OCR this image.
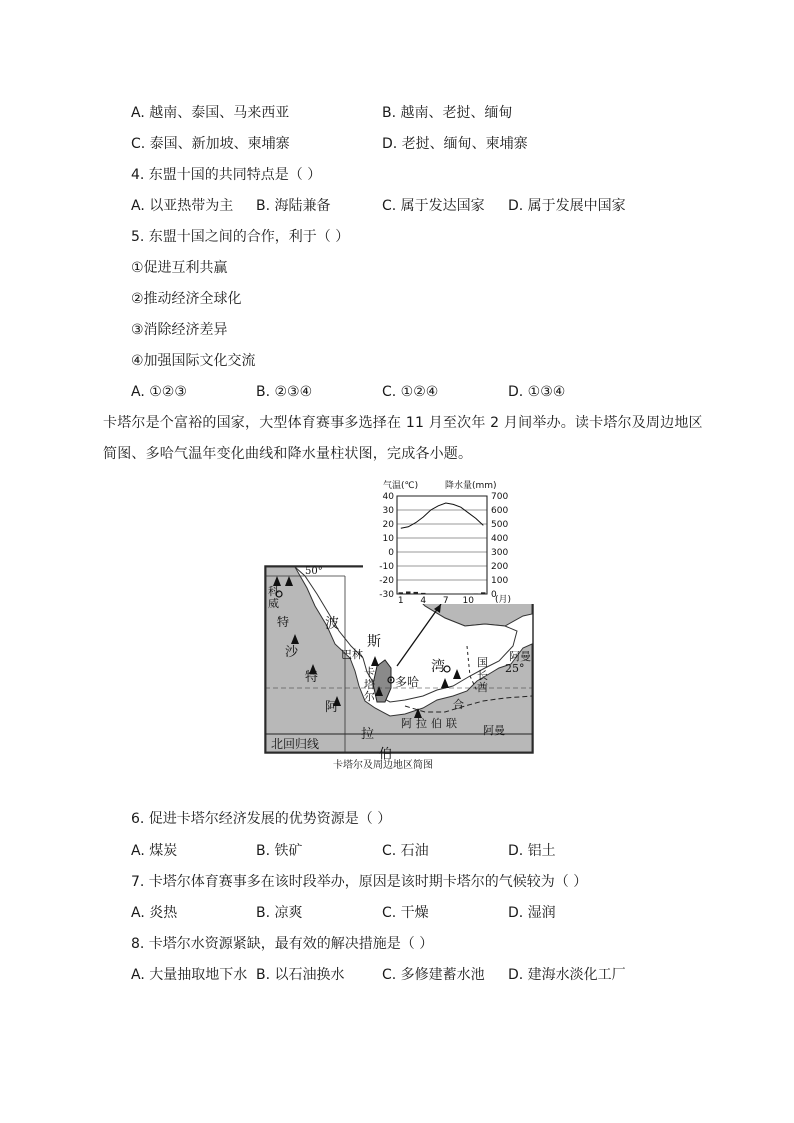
A. 越南、泰国、马来西亚	B. 越南、老挝、缅甸
C. 泰国、新加坡、柬埔寨	D. 老挝、缅甸、柬埔寨
4. 东盟十国的共同特点是（ ）
A. 以亚热带为主 B. 海陆兼备	C. 属于发达国家 D. 属于发展中国家
5. 东盟十国之间的合作，利于（ ）
①促进互利共赢
②推动经济全球化
③消除经济差异
④加强国际文化交流
A. ①②③	B. ②③④	C. ①②④	D. ①③④
卡塔尔是个富裕的国家，大型体育赛事多选择在 11 月至次年 2 月间举办。读卡塔尔及周边地区简图、多哈气温年变化曲线和降水量柱状图，完成各小题。
50°
科
威
特
沙
特
阿
拉
伯
波
斯
湾
巴林
卡
塔
尔
多哈
阿拉伯联
合
国
酋
长
阿曼
25°
阿曼
北回归线
气温(℃)	降水量(mm)
40
30
20
10
0
-10
-20
-30
700
600
500
400
300
200
100
0
1 4 7 10 (月)
卡塔尔及周边地区简图
6. 促进卡塔尔经济发展的优势资源是（ ）
A. 煤炭	B. 铁矿	C. 石油	D. 铝土
7. 卡塔尔体育赛事多在该时段举办，原因是该时期卡塔尔的气候较为（ ）
A. 炎热	B. 凉爽	C. 干燥	D. 湿润
8. 卡塔尔水资源紧缺，最有效的解决措施是（ ）
A. 大量抽取地下水 B. 以石油换水	C. 多修建蓄水池 D. 建海水淡化工厂
